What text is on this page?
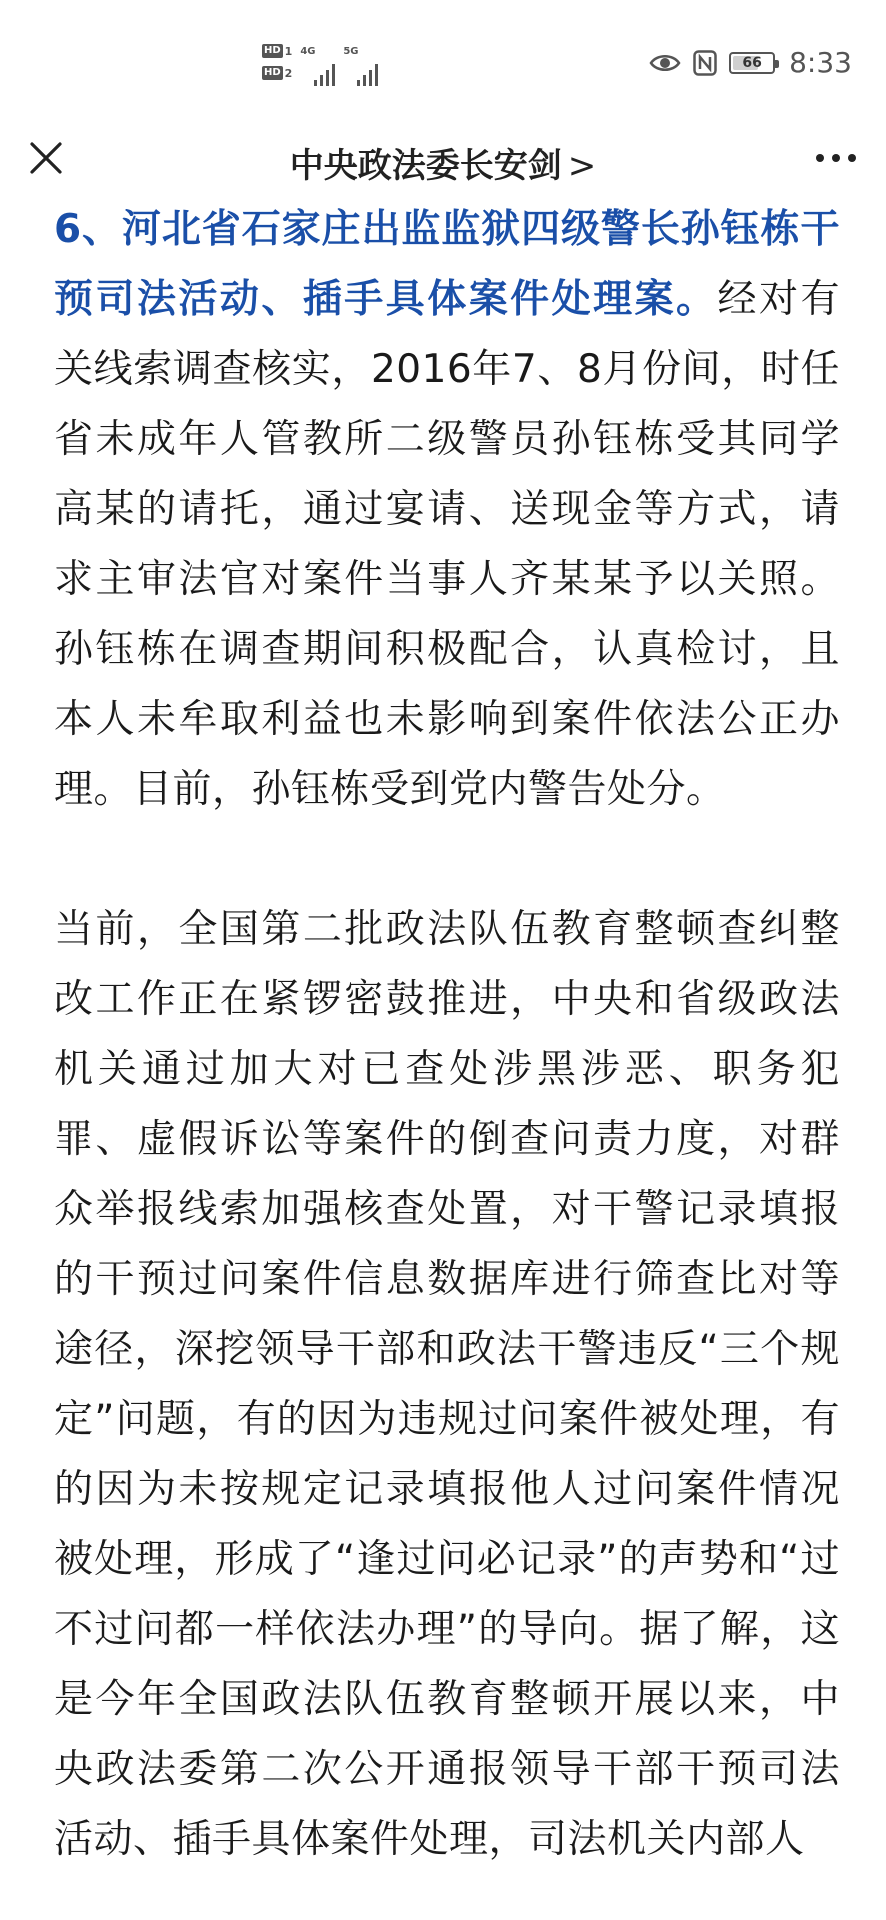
HD 1
HD 2
4G	5G
66 8:33
中央政法委长安剑 >

6、河北省石家庄出监监狱四级警长孙钰栋干预司法活动、插手具体案件处理案。经对有关线索调查核实，2016年7、8月份间，时任省未成年人管教所二级警员孙钰栋受其同学高某的请托，通过宴请、送现金等方式，请求主审法官对案件当事人齐某某予以关照。孙钰栋在调查期间积极配合，认真检讨，且本人未牟取利益也未影响到案件依法公正办理。目前，孙钰栋受到党内警告处分。

当前，全国第二批政法队伍教育整顿查纠整改工作正在紧锣密鼓推进，中央和省级政法机关通过加大对已查处涉黑涉恶、职务犯罪、虚假诉讼等案件的倒查问责力度，对群众举报线索加强核查处置，对干警记录填报的干预过问案件信息数据库进行筛查比对等途径，深挖领导干部和政法干警违反“三个规定”问题，有的因为违规过问案件被处理，有的因为未按规定记录填报他人过问案件情况被处理，形成了“逢过问必记录”的声势和“过不过问都一样依法办理”的导向。据了解，这是今年全国政法队伍教育整顿开展以来，中央政法委第二次公开通报领导干部干预司法活动、插手具体案件处理，司法机关内部人
